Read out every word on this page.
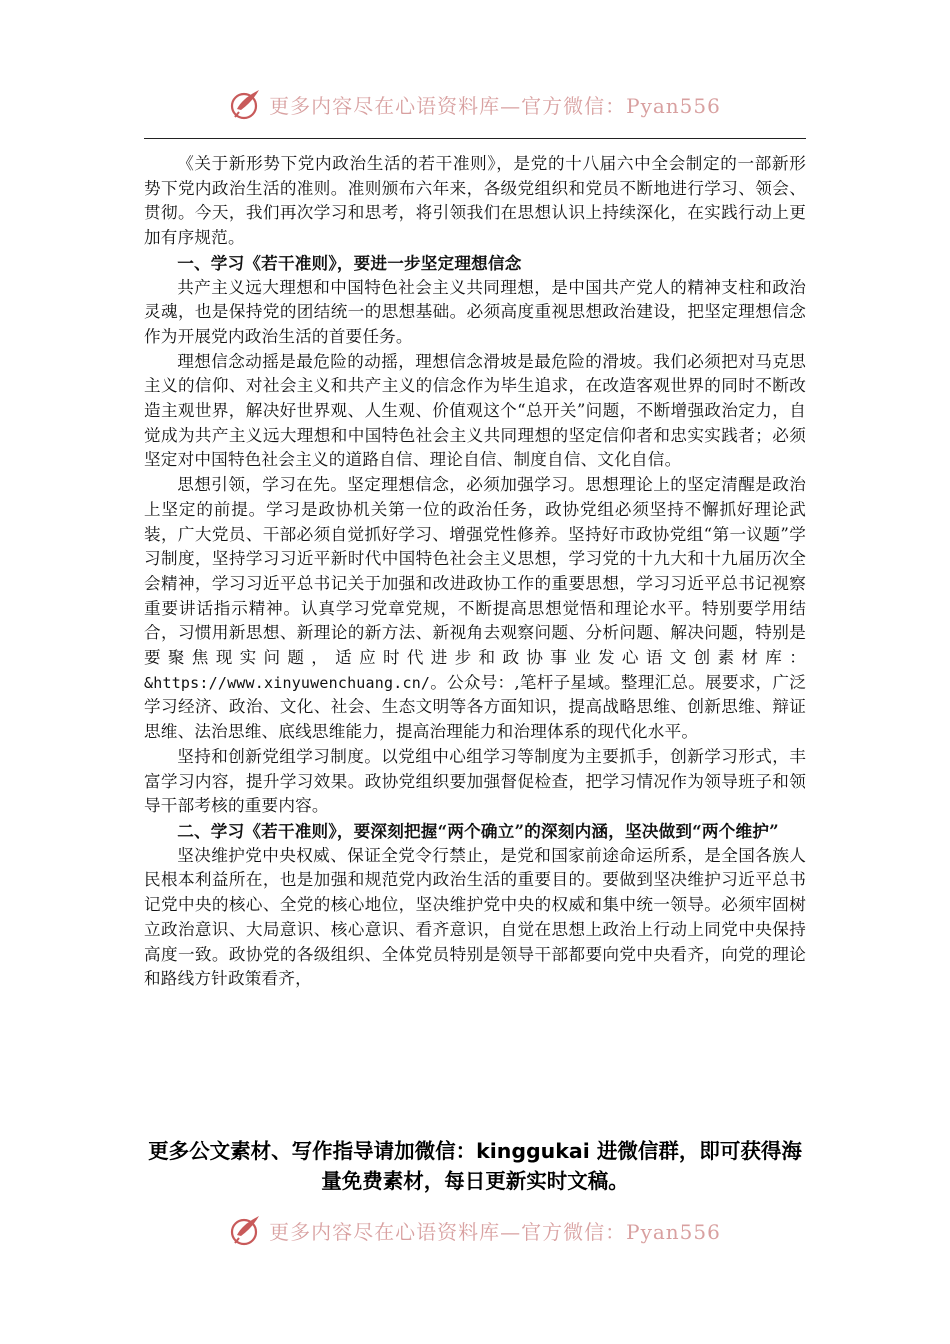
更多内容尽在心语资料库—官方微信：Pyan556

《关于新形势下党内政治生活的若干准则》，是党的十八届六中全会制定的一部新形势下党内政治生活的准则。准则颁布六年来，各级党组织和党员不断地进行学习、领会、贯彻。今天，我们再次学习和思考，将引领我们在思想认识上持续深化，在实践行动上更加有序规范。

一、学习《若干准则》，要进一步坚定理想信念

共产主义远大理想和中国特色社会主义共同理想，是中国共产党人的精神支柱和政治灵魂，也是保持党的团结统一的思想基础。必须高度重视思想政治建设，把坚定理想信念作为开展党内政治生活的首要任务。

理想信念动摇是最危险的动摇，理想信念滑坡是最危险的滑坡。我们必须把对马克思主义的信仰、对社会主义和共产主义的信念作为毕生追求，在改造客观世界的同时不断改造主观世界，解决好世界观、人生观、价值观这个“总开关”问题，不断增强政治定力，自觉成为共产主义远大理想和中国特色社会主义共同理想的坚定信仰者和忠实实践者；必须坚定对中国特色社会主义的道路自信、理论自信、制度自信、文化自信。

思想引领，学习在先。坚定理想信念，必须加强学习。思想理论上的坚定清醒是政治上坚定的前提。学习是政协机关第一位的政治任务，政协党组必须坚持不懈抓好理论武装，广大党员、干部必须自觉抓好学习、增强党性修养。坚持好市政协党组“第一议题”学习制度，坚持学习习近平新时代中国特色社会主义思想，学习党的十九大和十九届历次全会精神，学习习近平总书记关于加强和改进政协工作的重要思想，学习习近平总书记视察重要讲话指示精神。认真学习党章党规，不断提高思想觉悟和理论水平。特别要学用结合，习惯用新思想、新理论的新方法、新视角去观察问题、分析问题、解决问题，特别是要聚焦现实问题，适应时代进步和政协事业发心语文创素材库：&https://www.xinyuwenchuang.cn/。公众号：,笔杆子星域。整理汇总。展要求，广泛学习经济、政治、文化、社会、生态文明等各方面知识，提高战略思维、创新思维、辩证思维、法治思维、底线思维能力，提高治理能力和治理体系的现代化水平。

坚持和创新党组学习制度。以党组中心组学习等制度为主要抓手，创新学习形式，丰富学习内容，提升学习效果。政协党组织要加强督促检查，把学习情况作为领导班子和领导干部考核的重要内容。

二、学习《若干准则》，要深刻把握“两个确立”的深刻内涵，坚决做到“两个维护”

坚决维护党中央权威、保证全党令行禁止，是党和国家前途命运所系，是全国各族人民根本利益所在，也是加强和规范党内政治生活的重要目的。要做到坚决维护习近平总书记党中央的核心、全党的核心地位，坚决维护党中央的权威和集中统一领导。必须牢固树立政治意识、大局意识、核心意识、看齐意识，自觉在思想上政治上行动上同党中央保持高度一致。政协党的各级组织、全体党员特别是领导干部都要向党中央看齐，向党的理论和路线方针政策看齐，

更多公文素材、写作指导请加微信：kinggukai 进微信群，即可获得海量免费素材，每日更新实时文稿。
更多内容尽在心语资料库—官方微信：Pyan556
